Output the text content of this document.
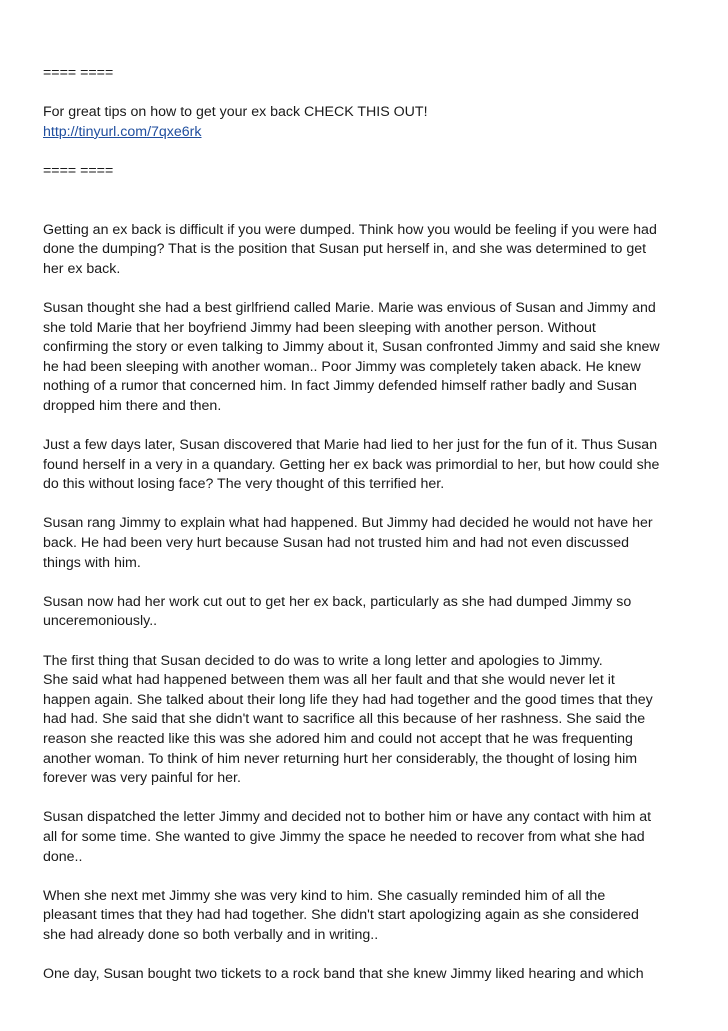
==== ====
For great tips on how to get your ex back CHECK THIS OUT!
http://tinyurl.com/7qxe6rk
==== ====

Getting an ex back is difficult if you were dumped. Think how you would be feeling if you were had
done the dumping? That is the position that Susan put herself in, and she was determined to get
her ex back.

Susan thought she had a best girlfriend called Marie. Marie was envious of Susan and Jimmy and
she told Marie that her boyfriend Jimmy had been sleeping with another person. Without
confirming the story or even talking to Jimmy about it, Susan confronted Jimmy and said she knew
he had been sleeping with another woman.. Poor Jimmy was completely taken aback. He knew
nothing of a rumor that concerned him. In fact Jimmy defended himself rather badly and Susan
dropped him there and then.

Just a few days later, Susan discovered that Marie had lied to her just for the fun of it. Thus Susan
found herself in a very in a quandary. Getting her ex back was primordial to her, but how could she
do this without losing face? The very thought of this terrified her.

Susan rang Jimmy to explain what had happened. But Jimmy had decided he would not have her
back. He had been very hurt because Susan had not trusted him and had not even discussed
things with him.

Susan now had her work cut out to get her ex back, particularly as she had dumped Jimmy so
unceremoniously..

The first thing that Susan decided to do was to write a long letter and apologies to Jimmy.
She said what had happened between them was all her fault and that she would never let it
happen again. She talked about their long life they had had together and the good times that they
had had. She said that she didn't want to sacrifice all this because of her rashness. She said the
reason she reacted like this was she adored him and could not accept that he was frequenting
another woman. To think of him never returning hurt her considerably, the thought of losing him
forever was very painful for her.

Susan dispatched the letter Jimmy and decided not to bother him or have any contact with him at
all for some time. She wanted to give Jimmy the space he needed to recover from what she had
done..

When she next met Jimmy she was very kind to him. She casually reminded him of all the
pleasant times that they had had together. She didn't start apologizing again as she considered
she had already done so both verbally and in writing..

One day, Susan bought two tickets to a rock band that she knew Jimmy liked hearing and which
